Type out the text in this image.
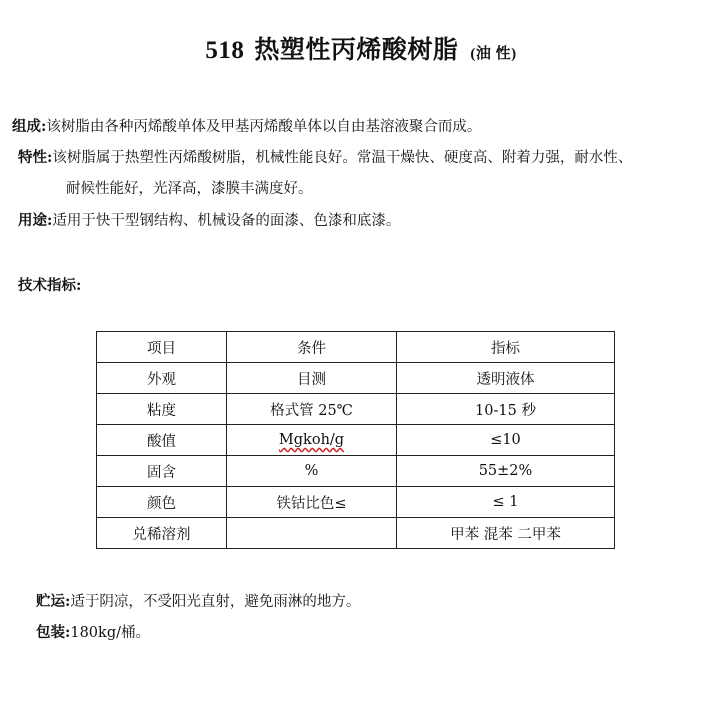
518 热塑性丙烯酸树脂 (油 性)
组成:该树脂由各种丙烯酸单体及甲基丙烯酸单体以自由基溶液聚合而成。
特性:该树脂属于热塑性丙烯酸树脂，机械性能良好。常温干燥快、硬度高、附着力强，耐水性、
耐候性能好，光泽高，漆膜丰满度好。
用途:适用于快干型钢结构、机械设备的面漆、色漆和底漆。
技术指标:
项目	条件	指标
外观	目测	透明液体
粘度	格式管 25℃	10-15 秒
酸值	Mgkoh/g	≤10
固含	%	55±2%
颜色	铁钴比色≤	≤ 1
兑稀溶剂		甲苯 混苯 二甲苯
贮运:适于阴凉，不受阳光直射，避免雨淋的地方。
包装:180kg/桶。
